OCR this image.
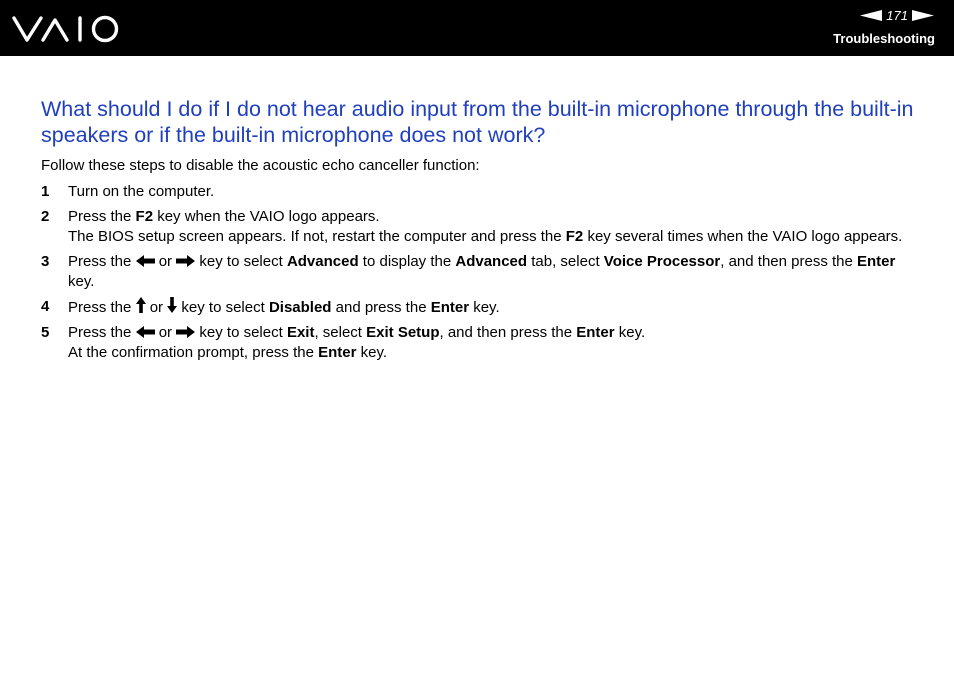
171
Troubleshooting
What should I do if I do not hear audio input from the built-in microphone through the built-in speakers or if the built-in microphone does not work?

Follow these steps to disable the acoustic echo canceller function:

1	Turn on the computer.

2	Press the F2 key when the VAIO logo appears.

The BIOS setup screen appears. If not, restart the computer and press the F2 key several times when the VAIO logo appears.

3	Press the  or  key to select Advanced to display the Advanced tab, select Voice Processor, and then press the Enter key.

4	Press the  or  key to select Disabled and press the Enter key.

5	Press the  or  key to select Exit, select Exit Setup, and then press the Enter key.

At the confirmation prompt, press the Enter key.
